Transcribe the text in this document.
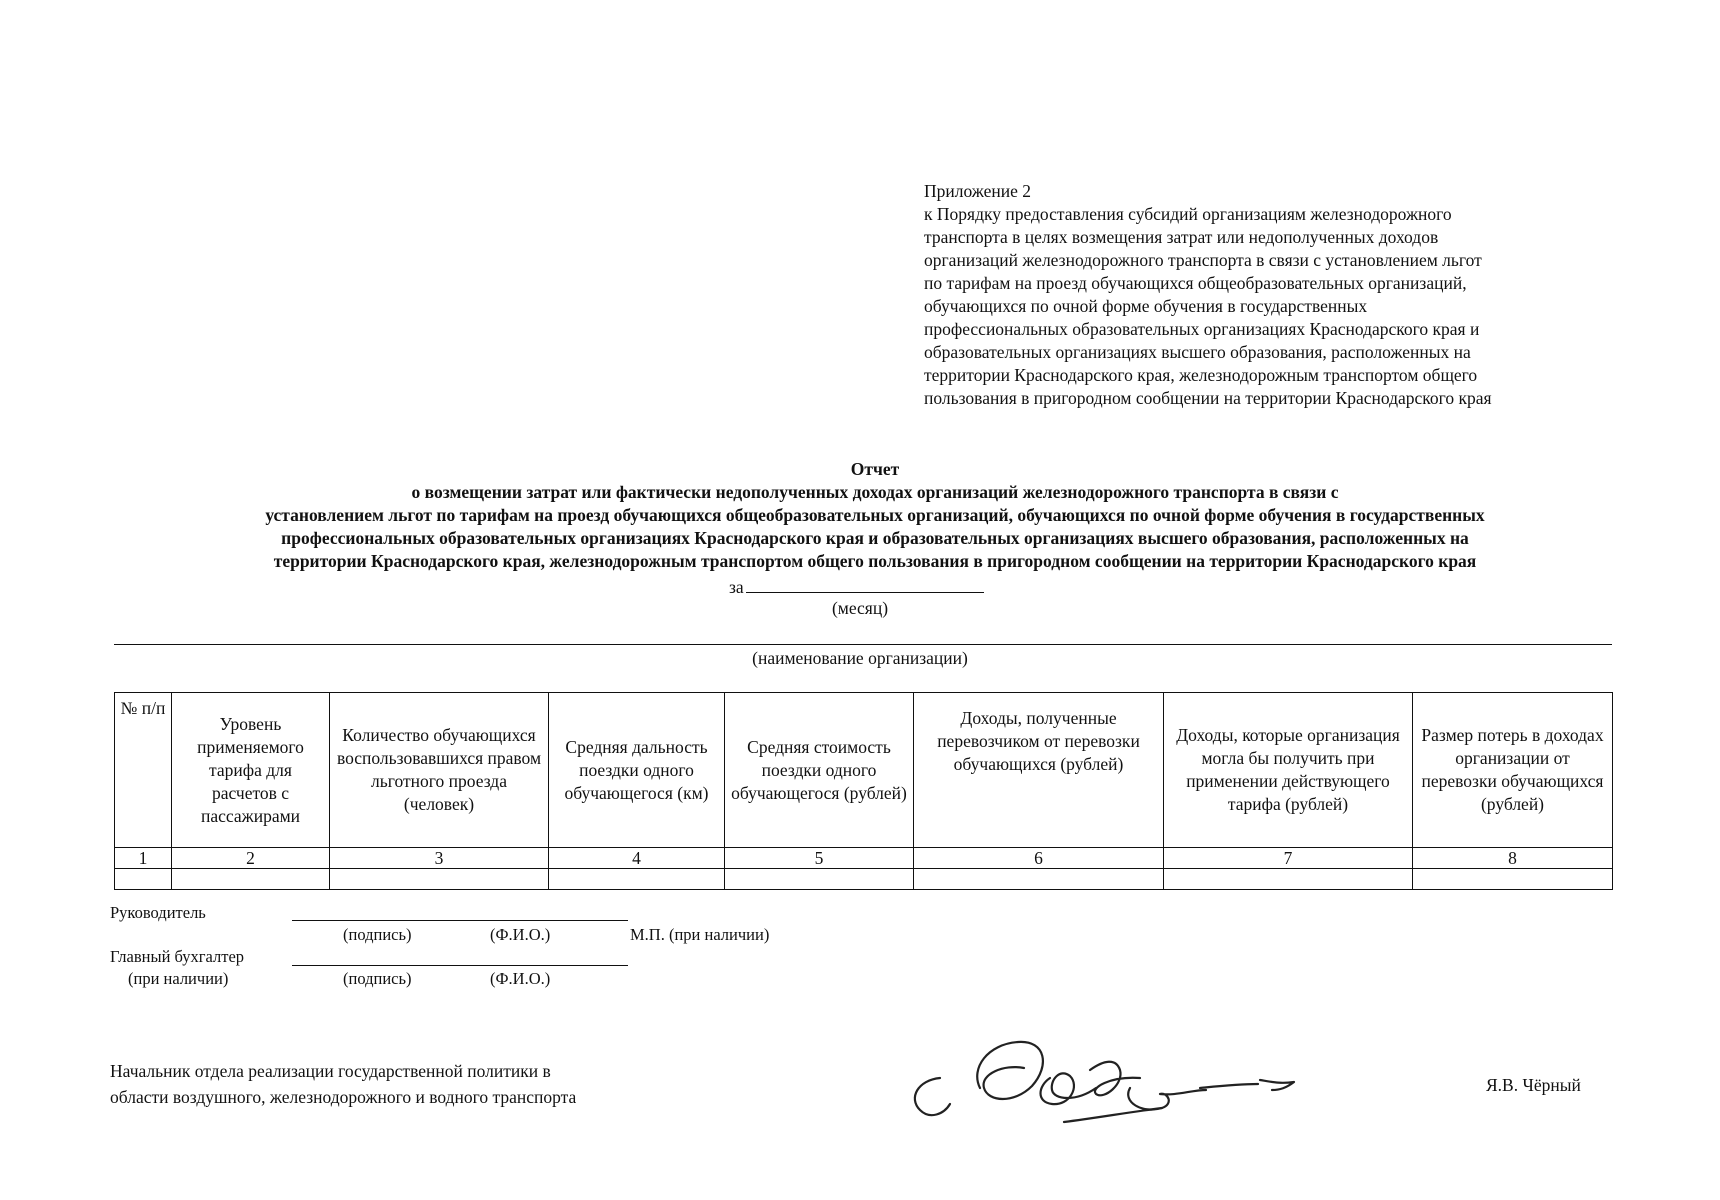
Приложение 2
к Порядку предоставления субсидий организациям железнодорожного
транспорта в целях возмещения затрат или недополученных доходов
организаций железнодорожного транспорта в связи с установлением льгот
по тарифам на проезд обучающихся общеобразовательных организаций,
обучающихся по очной форме обучения в государственных
профессиональных образовательных организациях Краснодарского края и
образовательных организациях высшего образования, расположенных на
территории Краснодарского края, железнодорожным транспортом общего
пользования в пригородном сообщении на территории Краснодарского края
Отчет
о возмещении затрат или фактически недополученных доходах организаций железнодорожного транспорта в связи с
установлением льгот по тарифам на проезд обучающихся общеобразовательных организаций, обучающихся по очной форме обучения в государственных
профессиональных образовательных организациях Краснодарского края и образовательных организациях высшего образования, расположенных на
территории Краснодарского края, железнодорожным транспортом общего пользования в пригородном сообщении на территории Краснодарского края
за
(месяц)
(наименование организации)
№ п/п	Уровень применяемого тарифа для расчетов с пассажирами	Количество обучающихся воспользовавшихся правом льготного проезда (человек)	Средняя дальность поездки одного обучающегося (км)	Средняя стоимость поездки одного обучающегося (рублей)	Доходы, полученные перевозчиком от перевозки обучающихся (рублей)	Доходы, которые организация могла бы получить при применении действующего тарифа (рублей)	Размер потерь в доходах организации от перевозки обучающихся (рублей)
1	2	3	4	5	6	7	8

Руководитель
(подпись)	(Ф.И.О.)	М.П. (при наличии)
Главный бухгалтер
(при наличии)	(подпись)	(Ф.И.О.)
Начальник отдела реализации государственной политики в
области воздушного, железнодорожного и водного транспорта
Я.В. Чёрный
